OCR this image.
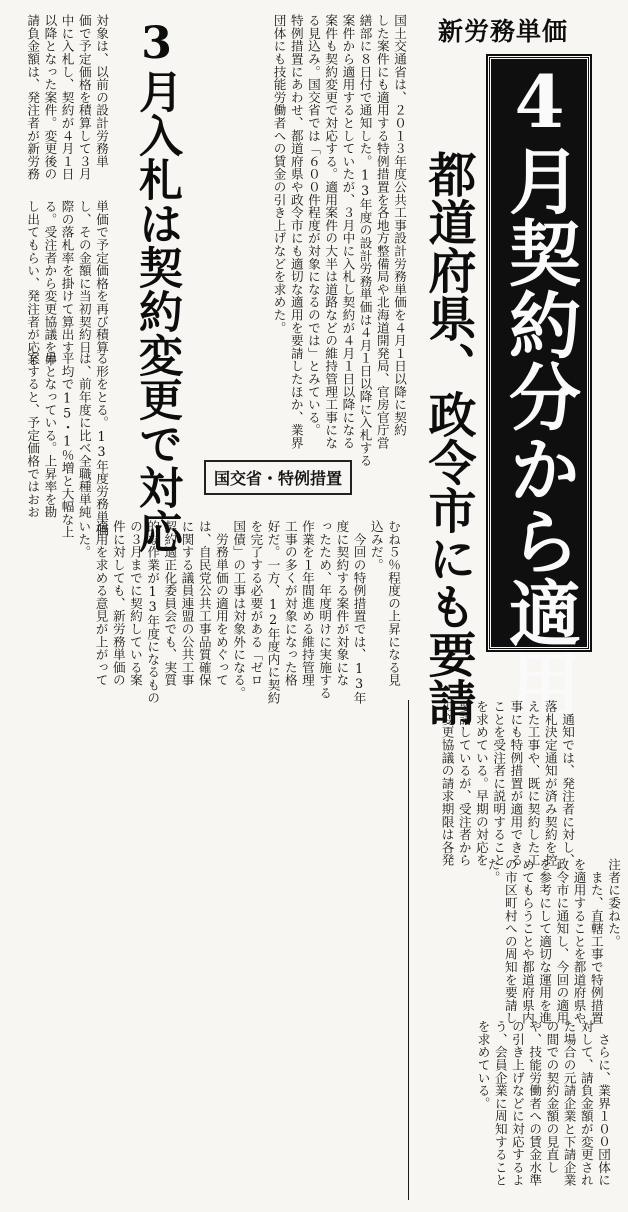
新労務単価
4月契約分から適用
都道府県、政令市にも要請
国土交通省は、２０１３年度公共工事設計労務単価を４月１日以降に契約
した案件にも適用する特例措置を各地方整備局や北海道開発局、官房官庁営
繕部に８日付で通知した。13年度の設計労務単価は４月１日以降に入札する
案件から適用するとしていたが、３月中に入札し契約が４月１日以降になる
案件も契約変更で対応する。適用案件の大半は道路などの維持管理工事にな
る見込み。国交省では「６００件程度が対象になるのでは」とみている。
特例措置にあわせ、都道府県や政令市にも適切な適用を要請したほか、業界
団体にも技能労働者への賃金の引き上げなどを求めた。
3月入札は契約変更で対応	国交省・特例措置
対象は、以前の設計労務単
価で予定価格を積算して３月
中に入札し、契約が４月１日
以降となった案件。変更後の
請負金額は、発注者が新労務
単価で予定価格を再び積算
し、その金額に当初契約日
際の落札率を掛けて算出す
る。受注者から変更協議を申
し出てもらい、発注者が応じ
る形をとる。13年度労務単価
は、前年度に比べ全職種単純
平均で15・1％増と大幅な上
昇となっている。上昇率を勘
案すると、予定価格ではおお
むね５％程度の上昇になる見
込みだ。
　今回の特例措置では、13年
度に契約する案件が対象にな
ったため、年度明けに実施する
作業を１年間進める維持管理
工事の多くが対象になった格
好だ。一方、12年度内に契約
を完了する必要がある「ゼロ
国債」の工事は対象外になる。
　労務単価の適用をめぐって
は、自民党公共工事品質確保
に関する議員連盟の公共工事
契約適正化委員会でも、実質
的な作業が13年度になるもの
の３月までに契約している案
件に対しても、新労務単価の
適用を求める意見が上がって
いた。
　通知では、発注者に対し、
落札決定通知が済み契約を控
えた工事や、既に契約した工
事にも特例措置が適用できる
ことを受注者に説明すること
を求めている。早期の対応を
要請しているが、受注者から
の変更協議の請求期限は各発
注者に委ねた。
　また、直轄工事で特例措置
を適用することを都道府県や
政令市に通知し、今回の適用
を参考にして適切な運用を進
めてもらうことや都道府県内
の市区町村への周知を要請し
た。
　さらに、業界１００団体に
対して、請負金額が変更され
た場合の元請企業と下請企業
の間での契約金額の見直し
や、技能労働者への賃金水準
の引き上げなどに対応するよ
う、会員企業に周知すること
を求めている。
